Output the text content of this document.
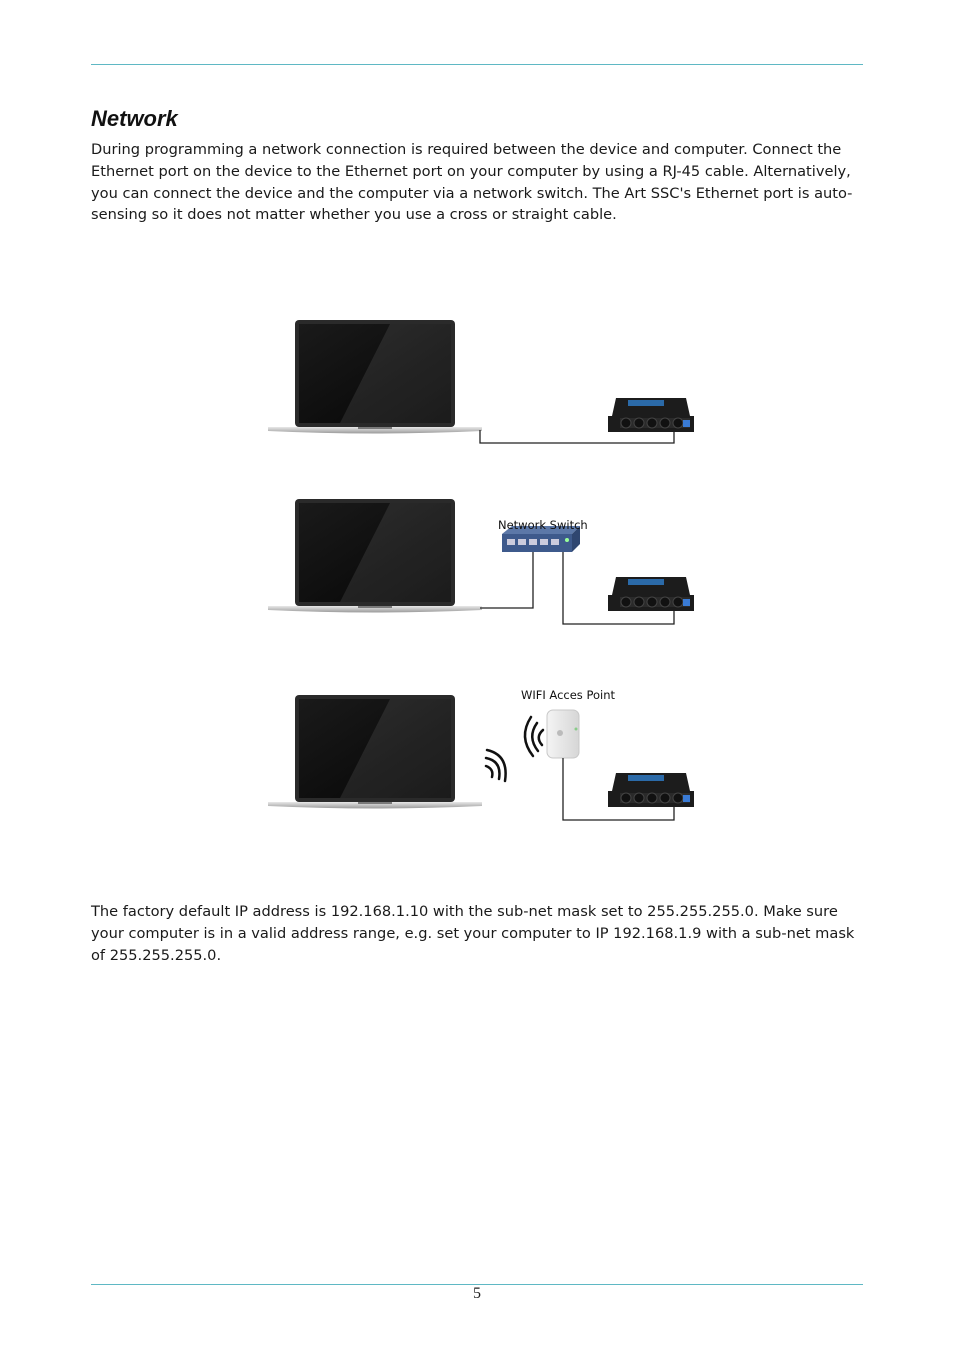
Network

During programming a network connection is required between the device and computer. Connect the Ethernet port on the device to the Ethernet port on your computer by using a RJ-45 cable. Alternatively, you can connect the device and the computer via a network switch. The Art SSC's Ethernet port is auto-sensing so it does not matter whether you use a cross or straight cable.

Network Switch
WIFI Acces Point

The factory default IP address is 192.168.1.10 with the sub-net mask set to 255.255.255.0. Make sure your computer is in a valid address range, e.g. set your computer to IP 192.168.1.9 with a sub-net mask of 255.255.255.0.

5
